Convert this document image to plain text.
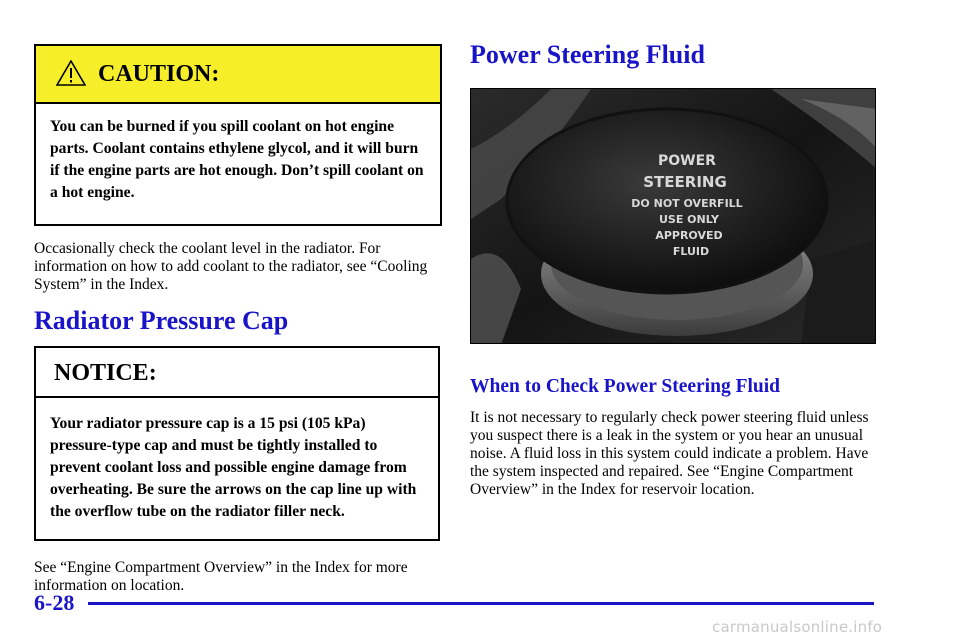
CAUTION:
You can be burned if you spill coolant on hot engine parts. Coolant contains ethylene glycol, and it will burn if the engine parts are hot enough. Don’t spill coolant on a hot engine.

Occasionally check the coolant level in the radiator. For information on how to add coolant to the radiator, see “Cooling System” in the Index.

Radiator Pressure Cap
NOTICE:
Your radiator pressure cap is a 15 psi (105 kPa) pressure‑type cap and must be tightly installed to prevent coolant loss and possible engine damage from overheating. Be sure the arrows on the cap line up with the overflow tube on the radiator filler neck.

See “Engine Compartment Overview” in the Index for more information on location.

Power Steering Fluid
POWER
STEERING
DO NOT OVERFILL
USE ONLY
APPROVED
FLUID
When to Check Power Steering Fluid

It is not necessary to regularly check power steering fluid unless you suspect there is a leak in the system or you hear an unusual noise. A fluid loss in this system could indicate a problem. Have the system inspected and repaired. See “Engine Compartment Overview” in the Index for reservoir location.

6-28
carmanualsonline.info
